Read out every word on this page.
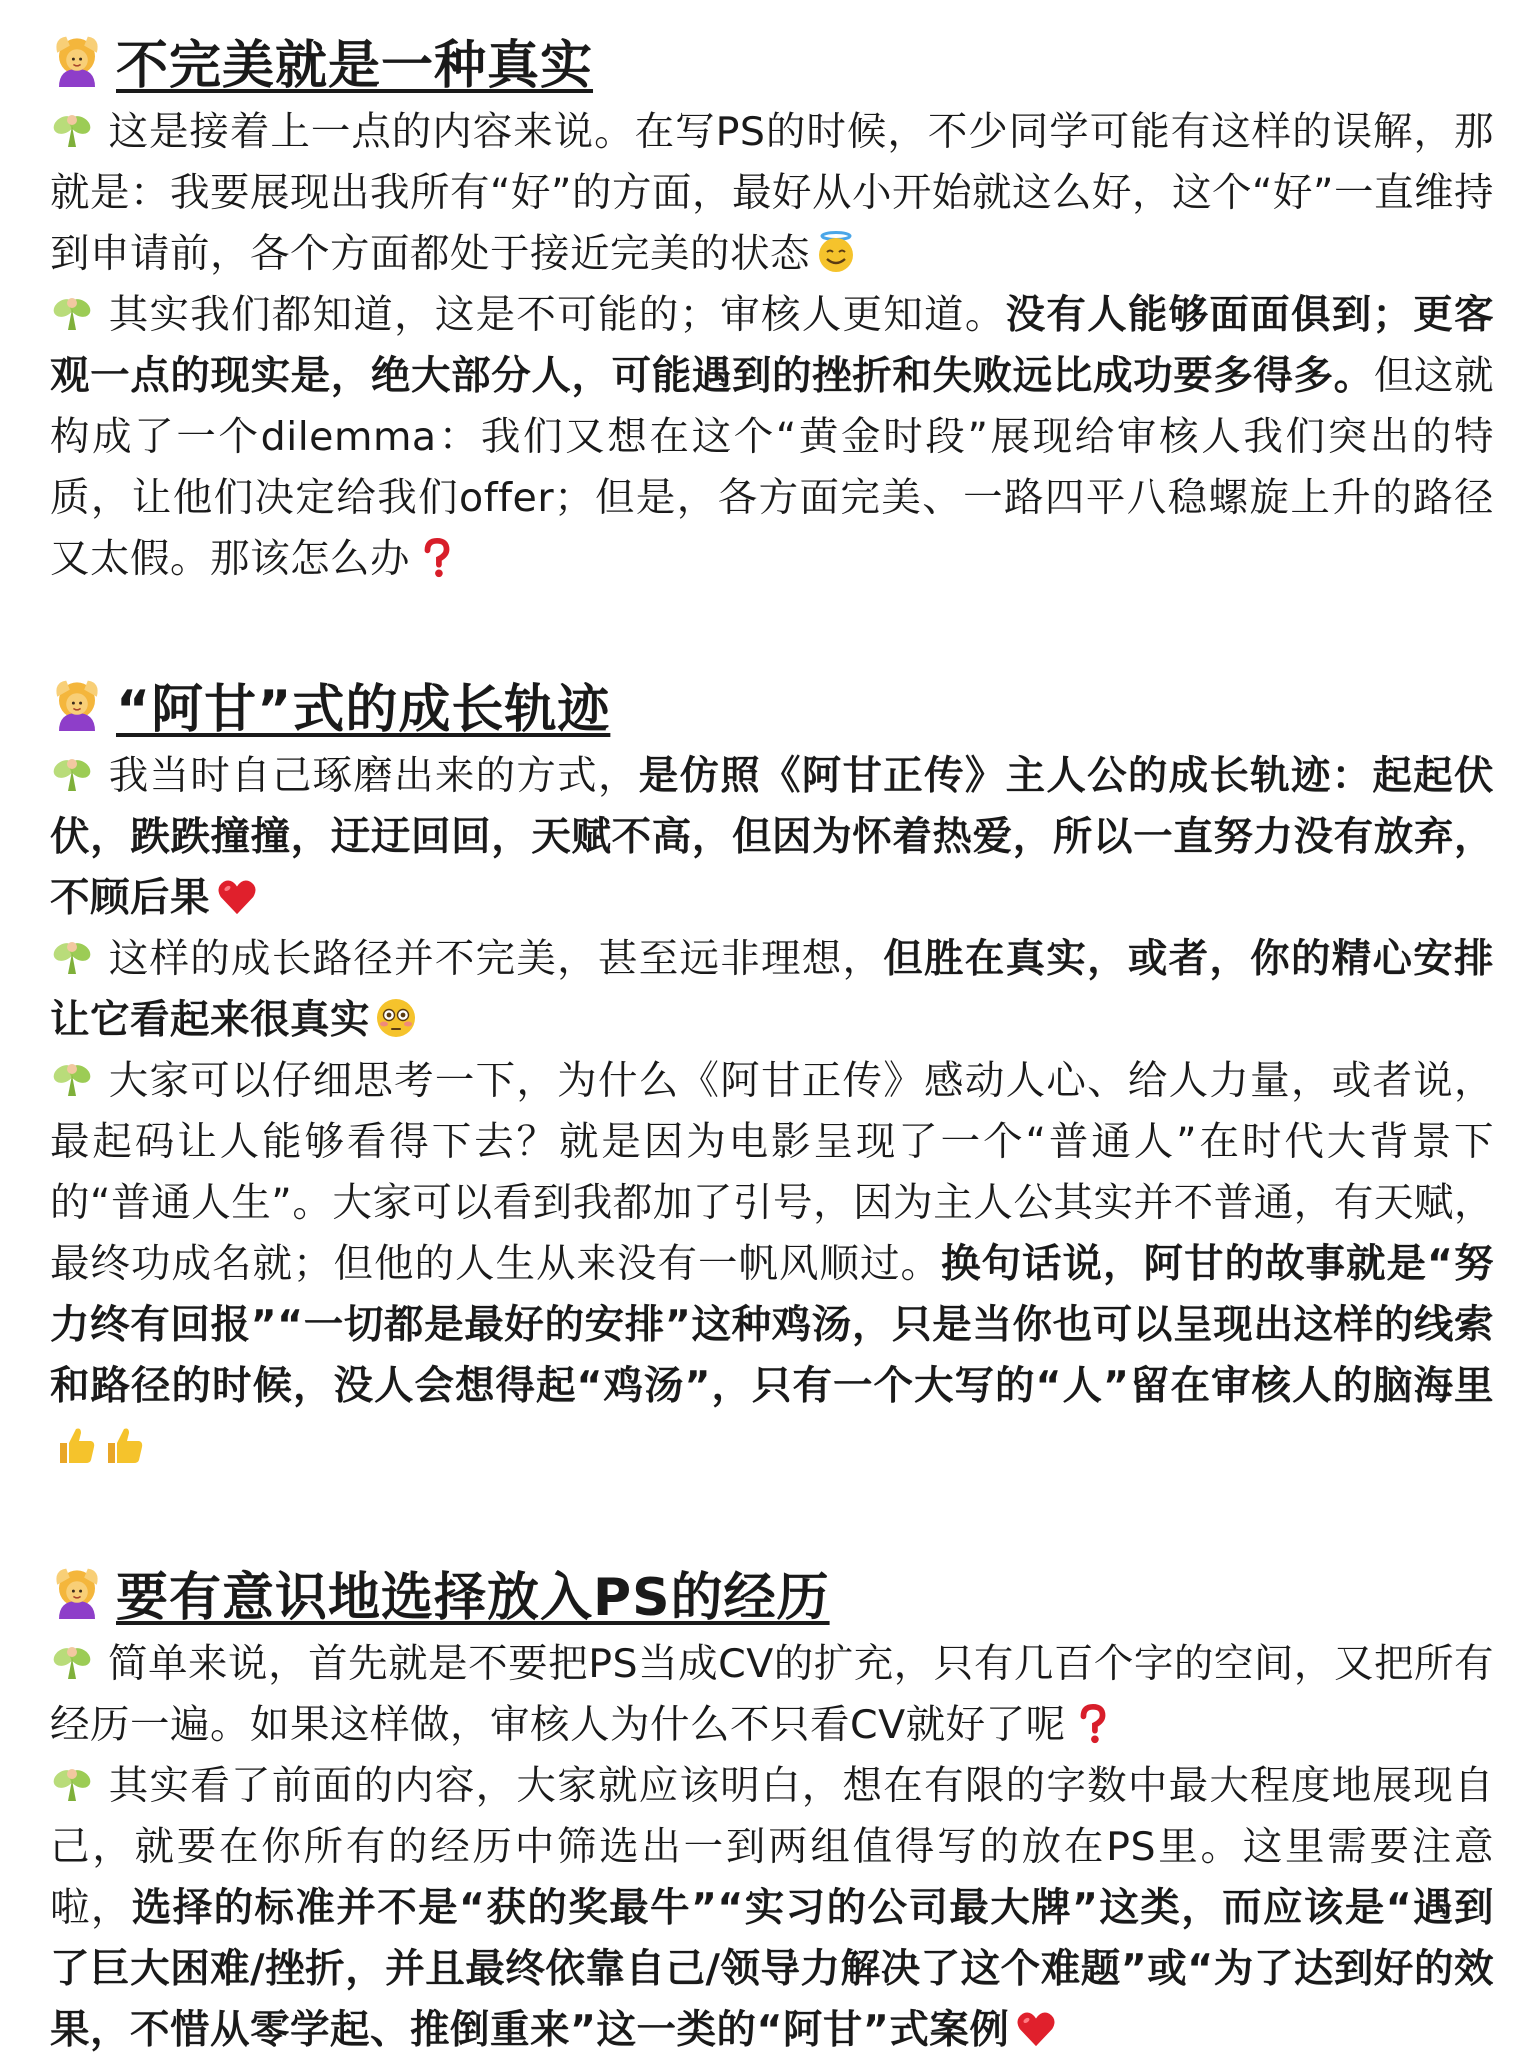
不完美就是一种真实

这是接着上一点的内容来说。在写PS的时候，不少同学可能有这样的误解，那就是：我要展现出我所有“好”的方面，最好从小开始就这么好，这个“好”一直维持到申请前，各个方面都处于接近完美的状态

其实我们都知道，这是不可能的；审核人更知道。没有人能够面面俱到；更客观一点的现实是，绝大部分人，可能遇到的挫折和失败远比成功要多得多。但这就构成了一个dilemma：我们又想在这个“黄金时段”展现给审核人我们突出的特质，让他们决定给我们offer；但是，各方面完美、一路四平八稳螺旋上升的路径又太假。那该怎么办

“阿甘”式的成长轨迹

我当时自己琢磨出来的方式，是仿照《阿甘正传》主人公的成长轨迹：起起伏伏，跌跌撞撞，迂迂回回，天赋不高，但因为怀着热爱，所以一直努力没有放弃，不顾后果

这样的成长路径并不完美，甚至远非理想，但胜在真实，或者，你的精心安排让它看起来很真实

大家可以仔细思考一下，为什么《阿甘正传》感动人心、给人力量，或者说，最起码让人能够看得下去？就是因为电影呈现了一个“普通人”在时代大背景下的“普通人生”。大家可以看到我都加了引号，因为主人公其实并不普通，有天赋，最终功成名就；但他的人生从来没有一帆风顺过。换句话说，阿甘的故事就是“努力终有回报”“一切都是最好的安排”这种鸡汤，只是当你也可以呈现出这样的线索和路径的时候，没人会想得起“鸡汤”，只有一个大写的“人”留在审核人的脑海里

要有意识地选择放入PS的经历

简单来说，首先就是不要把PS当成CV的扩充，只有几百个字的空间，又把所有经历一遍。如果这样做，审核人为什么不只看CV就好了呢

其实看了前面的内容，大家就应该明白，想在有限的字数中最大程度地展现自己，就要在你所有的经历中筛选出一到两组值得写的放在PS里。这里需要注意啦，选择的标准并不是“获的奖最牛”“实习的公司最大牌”这类，而应该是“遇到了巨大困难/挫折，并且最终依靠自己/领导力解决了这个难题”或“为了达到好的效果，不惜从零学起、推倒重来”这一类的“阿甘”式案例
